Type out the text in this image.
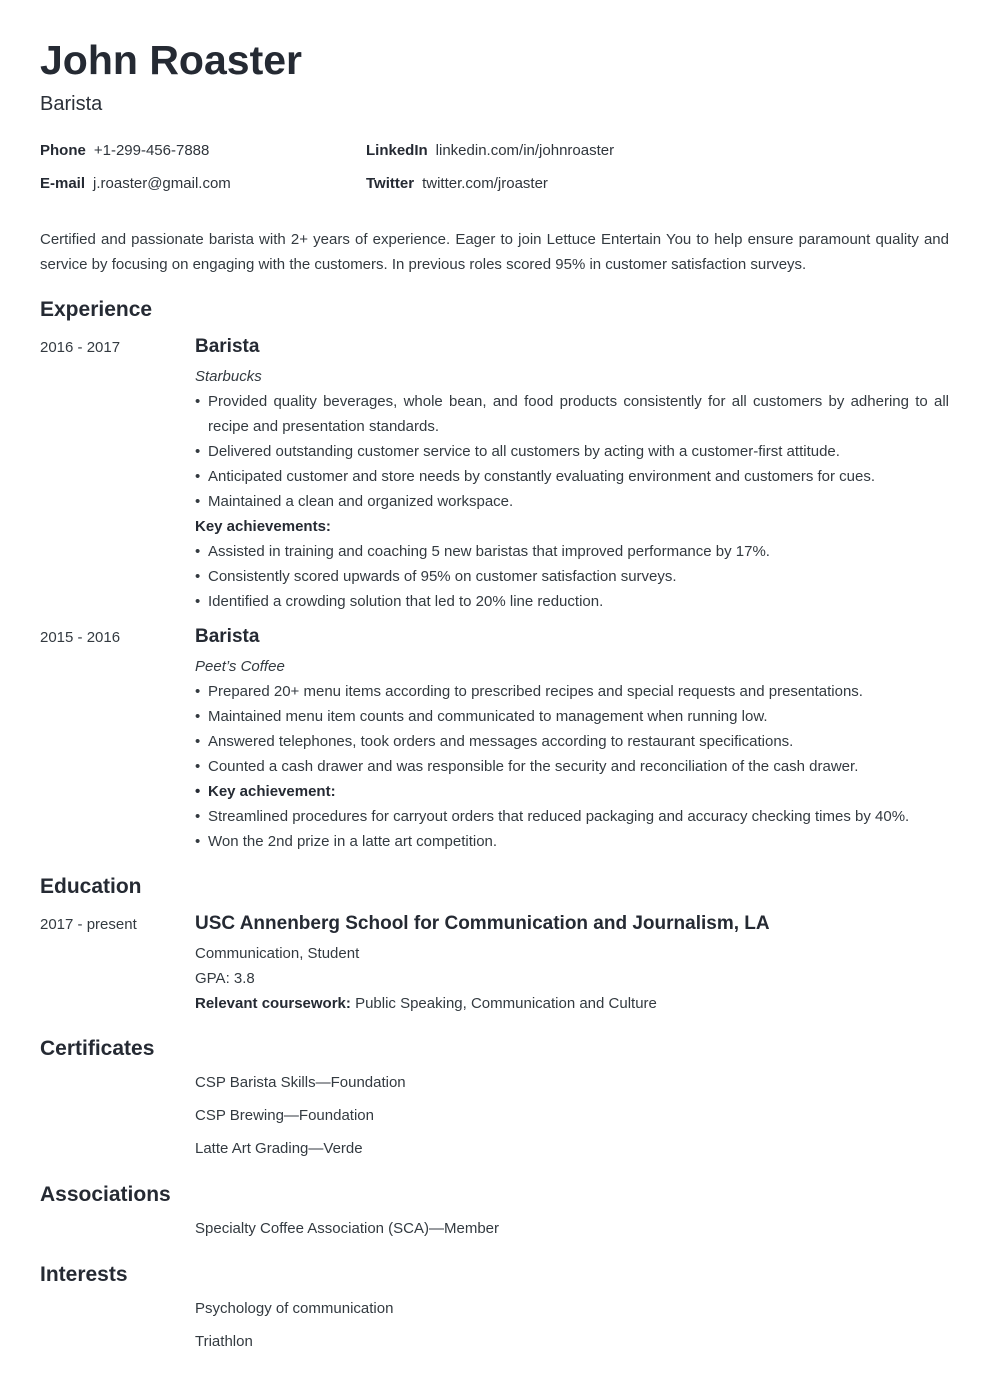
John Roaster
Barista
Phone +1-299-456-7888
E-mail j.roaster@gmail.com
LinkedIn linkedin.com/in/johnroaster
Twitter twitter.com/jroaster

Certified and passionate barista with 2+ years of experience. Eager to join Lettuce Entertain You to help ensure paramount quality and service by focusing on engaging with the customers. In previous roles scored 95% in customer satisfaction surveys.

Experience
2016 - 2017	Barista
Starbucks
• Provided quality beverages, whole bean, and food products consistently for all customers by adhering to all recipe and presentation standards.
• Delivered outstanding customer service to all customers by acting with a customer-first attitude.
• Anticipated customer and store needs by constantly evaluating environment and customers for cues.
• Maintained a clean and organized workspace.
Key achievements:
• Assisted in training and coaching 5 new baristas that improved performance by 17%.
• Consistently scored upwards of 95% on customer satisfaction surveys.
• Identified a crowding solution that led to 20% line reduction.
2015 - 2016	Barista
Peet’s Coffee
• Prepared 20+ menu items according to prescribed recipes and special requests and presentations.
• Maintained menu item counts and communicated to management when running low.
• Answered telephones, took orders and messages according to restaurant specifications.
• Counted a cash drawer and was responsible for the security and reconciliation of the cash drawer.
• Key achievement:
• Streamlined procedures for carryout orders that reduced packaging and accuracy checking times by 40%.
• Won the 2nd prize in a latte art competition.
Education
2017 - present	USC Annenberg School for Communication and Journalism, LA
Communication, Student
GPA: 3.8
Relevant coursework: Public Speaking, Communication and Culture
Certificates
CSP Barista Skills—Foundation
CSP Brewing—Foundation
Latte Art Grading—Verde
Associations
Specialty Coffee Association (SCA)—Member
Interests
Psychology of communication
Triathlon
